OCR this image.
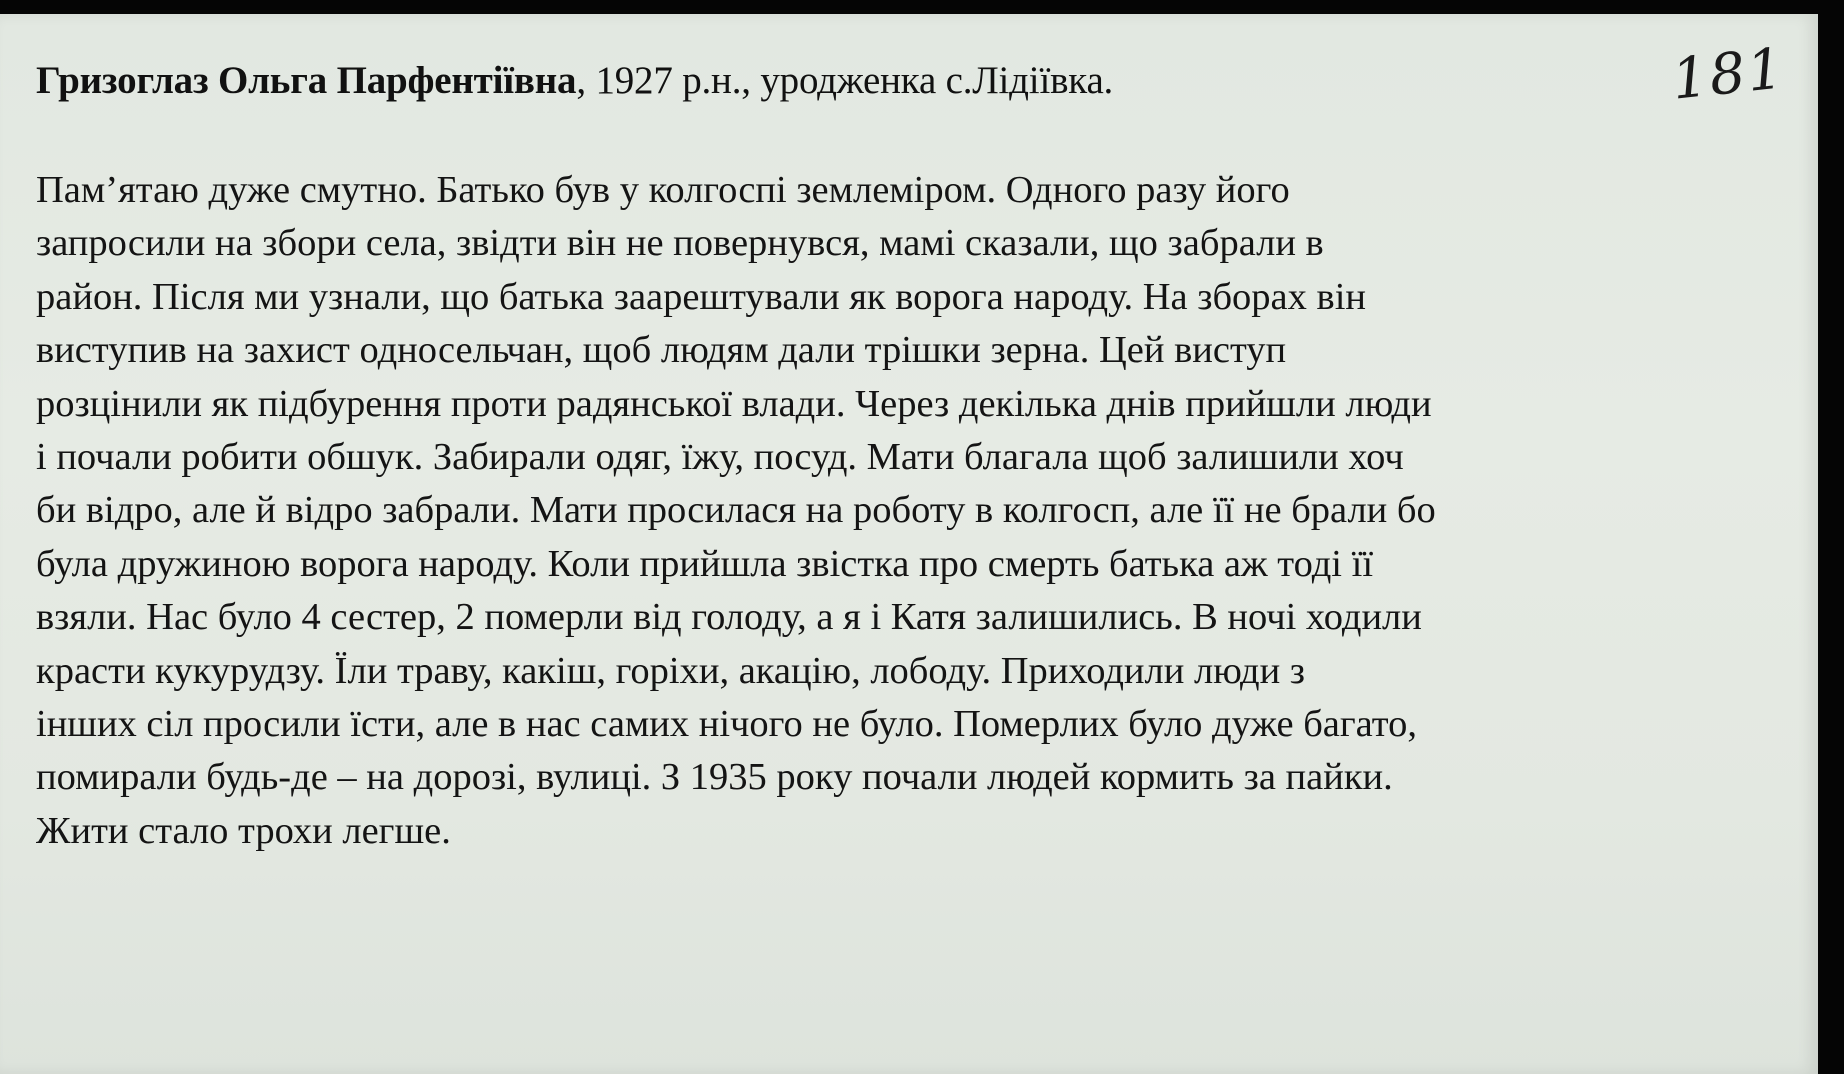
Гризоглаз Ольга Парфентіївна, 1927 р.н., уродженка с.Лідіївка.	181
Пам’ятаю дуже смутно. Батько був у колгоспі землеміром. Одного разу його
запросили на збори села, звідти він не повернувся, мамі сказали, що забрали в
район. Після ми узнали, що батька заарештували як ворога народу. На зборах він
виступив на захист односельчан, щоб людям дали трішки зерна. Цей виступ
розцінили як підбурення проти радянської влади. Через декілька днів прийшли люди
і почали робити обшук. Забирали одяг, їжу, посуд. Мати благала щоб залишили хоч
би відро, але й відро забрали. Мати просилася на роботу в колгосп, але її не брали бо
була дружиною ворога народу. Коли прийшла звістка про смерть батька аж тоді її
взяли. Нас було 4 сестер, 2 померли від голоду, а я і Катя залишились. В ночі ходили
красти кукурудзу. Їли траву, какіш, горіхи, акацію, лободу. Приходили люди з
інших сіл просили їсти, але в нас самих нічого не було. Померлих було дуже багато,
помирали будь-де – на дорозі, вулиці. З 1935 року почали людей кормить за пайки.
Жити стало трохи легше.
